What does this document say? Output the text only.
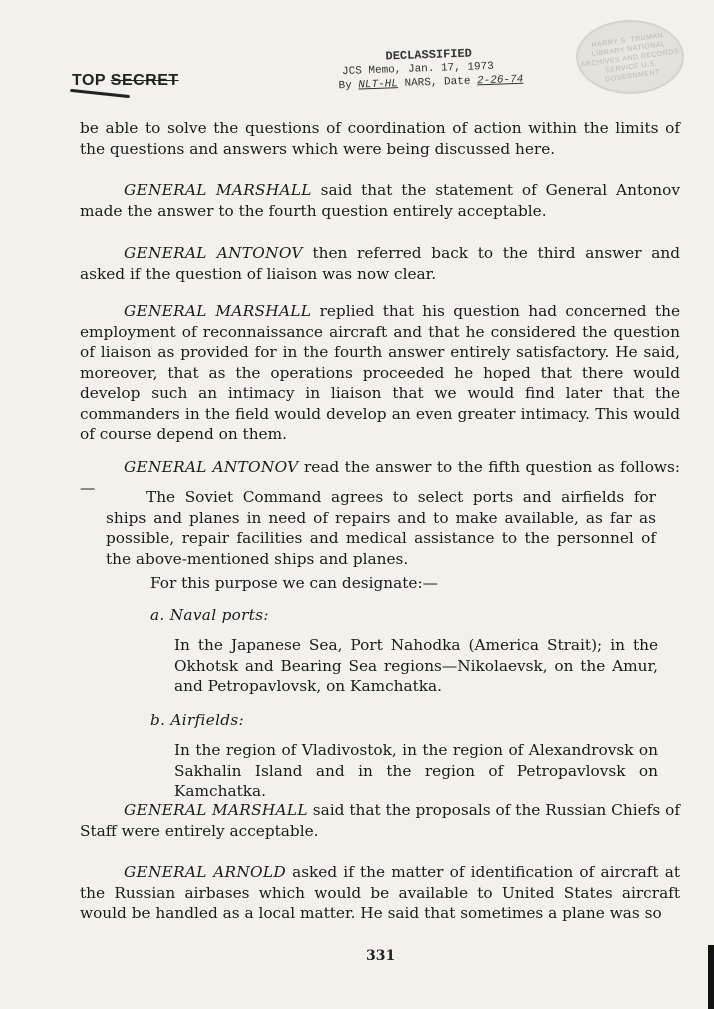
TOP SECRET
DECLASSIFIED
JCS Memo, Jan. 17, 1973
By NLT-HL NARS, Date 2-26-74
HARRY S. TRUMAN LIBRARY NATIONAL ARCHIVES AND RECORDS SERVICE U.S. GOVERNMENT

be able to solve the questions of coordination of action within the limits of the questions and answers which were being discussed here.

GENERAL MARSHALL said that the statement of General Antonov made the answer to the fourth question entirely acceptable.

GENERAL ANTONOV then referred back to the third answer and asked if the question of liaison was now clear.

GENERAL MARSHALL replied that his question had concerned the employment of reconnaissance aircraft and that he considered the question of liaison as provided for in the fourth answer entirely satisfactory. He said, moreover, that as the operations proceeded he hoped that there would develop such an intimacy in liaison that we would find later that the commanders in the field would develop an even greater intimacy. This would of course depend on them.

GENERAL ANTONOV read the answer to the fifth question as follows:—

The Soviet Command agrees to select ports and airfields for ships and planes in need of repairs and to make available, as far as possible, repair facilities and medical assistance to the personnel of the above-mentioned ships and planes.

For this purpose we can designate:—

a. Naval ports:

In the Japanese Sea, Port Nahodka (America Strait); in the Okhotsk and Bearing Sea regions—Nikolaevsk, on the Amur, and Petropavlovsk, on Kamchatka.

b. Airfields:

In the region of Vladivostok, in the region of Alexandrovsk on Sakhalin Island and in the region of Petropavlovsk on Kamchatka.

GENERAL MARSHALL said that the proposals of the Russian Chiefs of Staff were entirely acceptable.

GENERAL ARNOLD asked if the matter of identification of aircraft at the Russian airbases which would be available to United States aircraft would be handled as a local matter. He said that sometimes a plane was so

331
